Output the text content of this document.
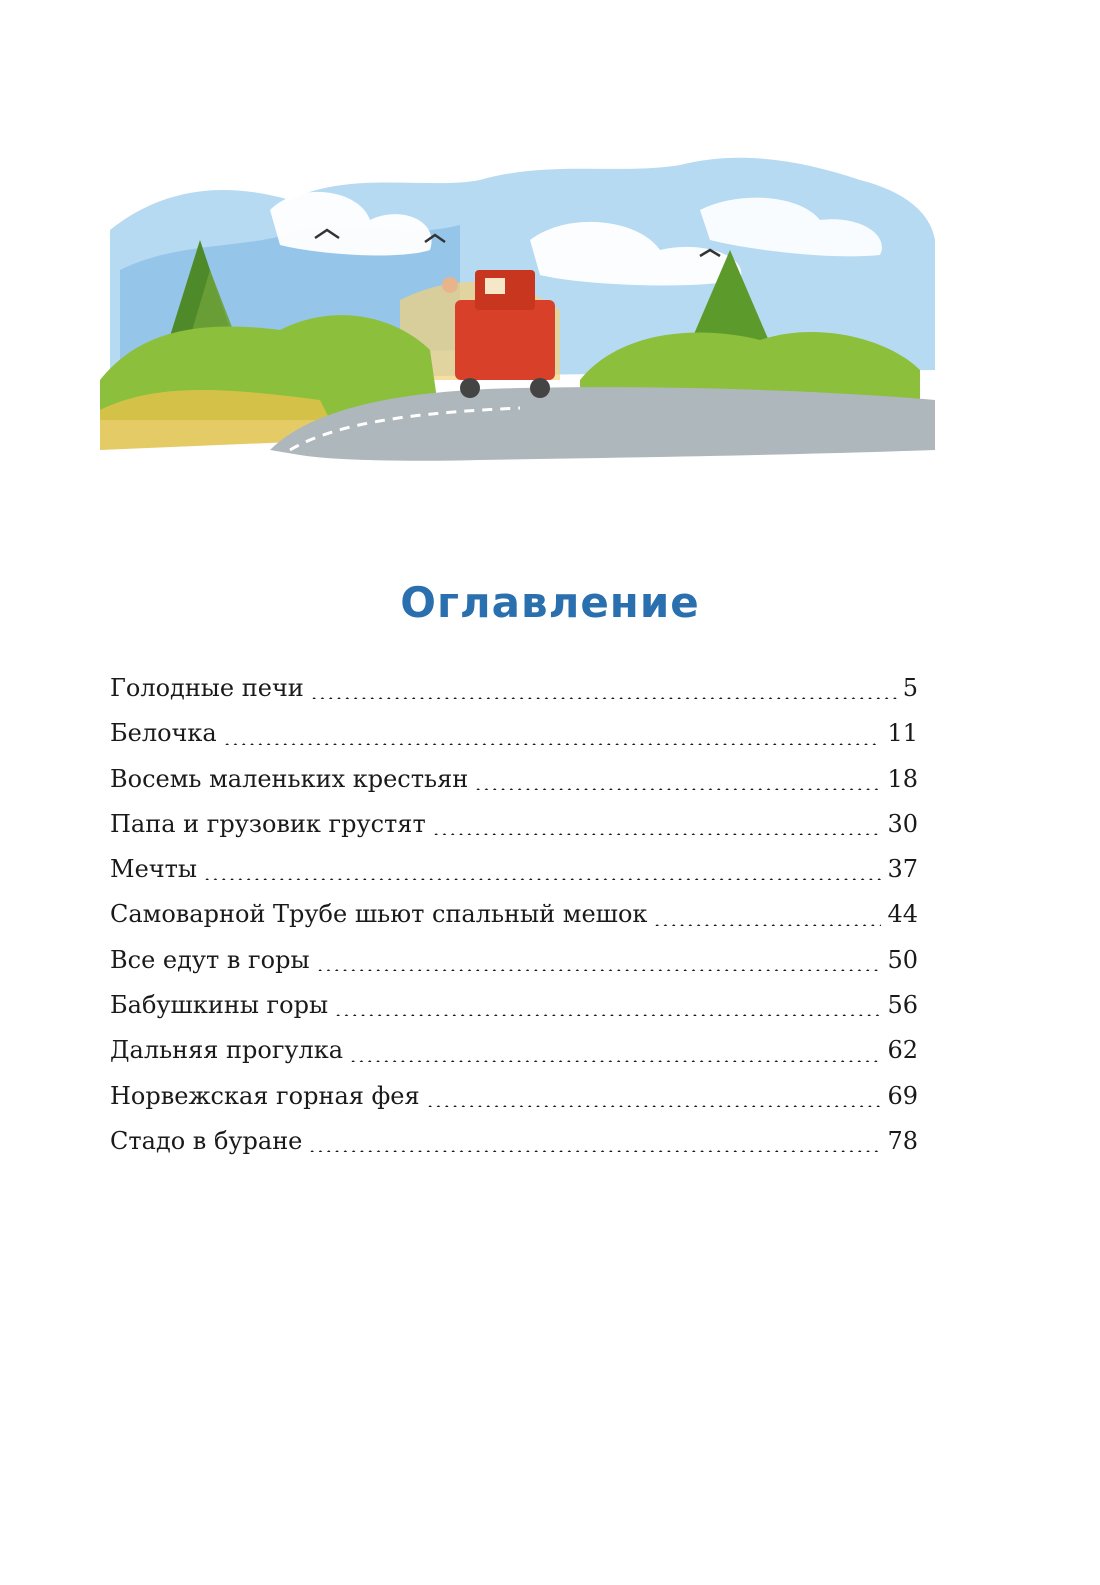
Оглавление
Голодные печи	5
Белочка	11
Восемь маленьких крестьян	18
Папа и грузовик грустят	30
Мечты	37
Самоварной Трубе шьют спальный мешок	44
Все едут в горы	50
Бабушкины горы	56
Дальняя прогулка	62
Норвежская горная фея	69
Стадо в буране	78
